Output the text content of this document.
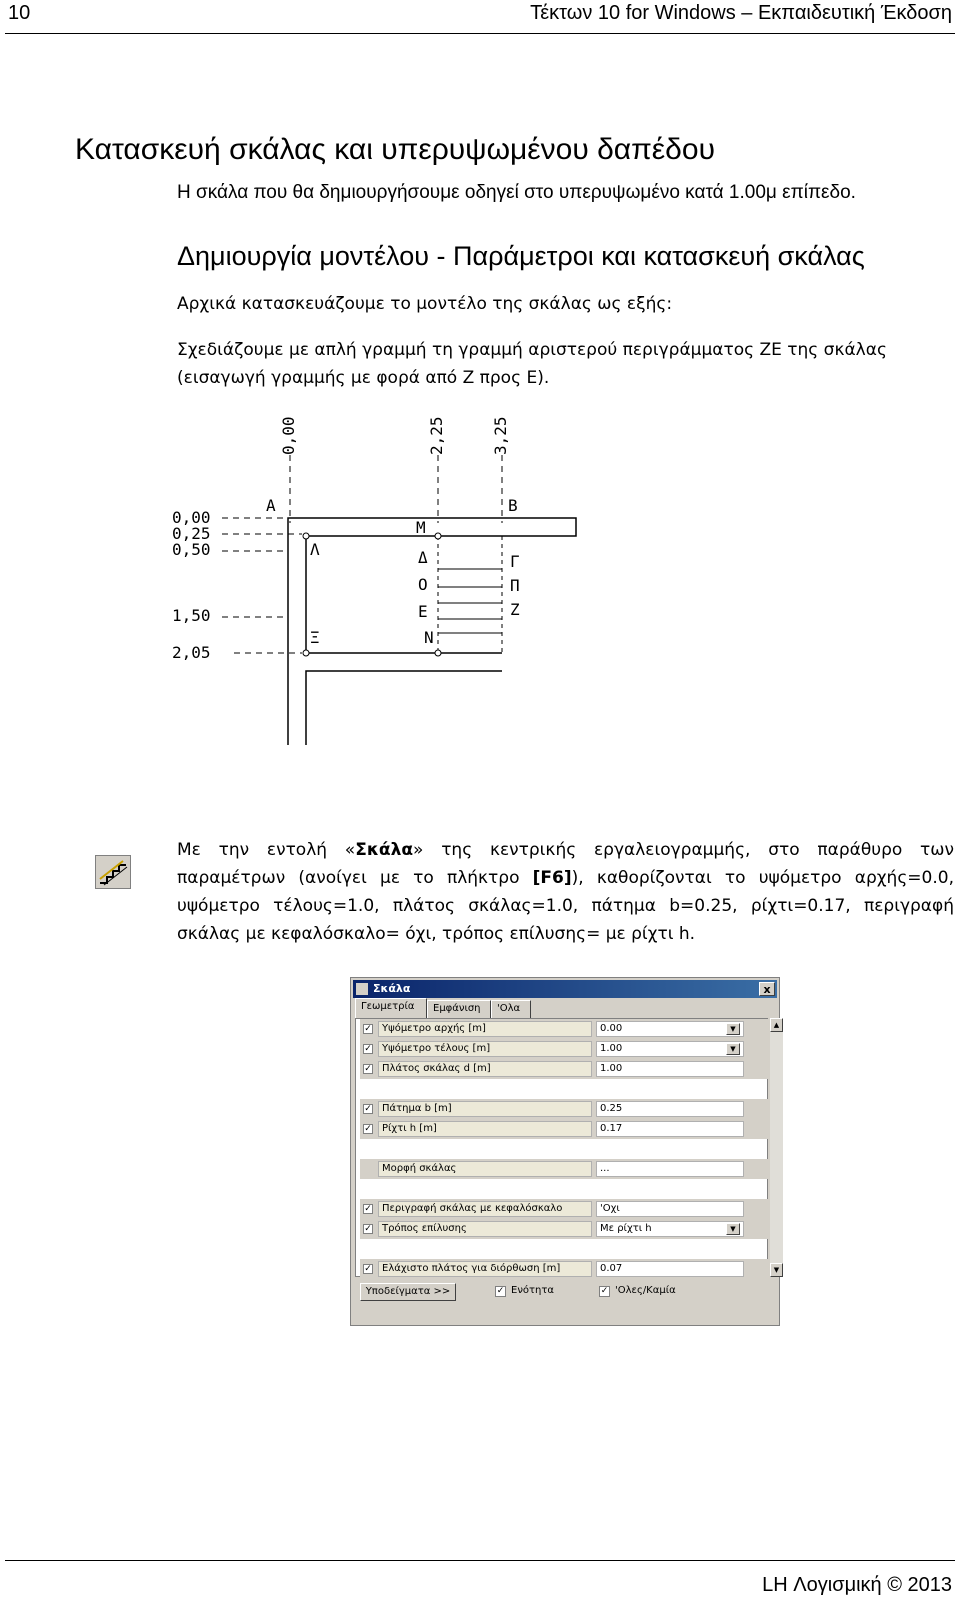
10	Τέκτων 10 for Windows – Εκπαιδευτική Έκδοση
Κατασκευή σκάλας και υπερυψωμένου δαπέδου
Η σκάλα που θα δημιουργήσουμε οδηγεί στο υπερυψωμένο κατά 1.00μ επίπεδο.
Δημιουργία μοντέλου - Παράμετροι και κατασκευή σκάλας
Αρχικά κατασκευάζουμε το μοντέλο της σκάλας ως εξής:
Σχεδιάζουμε με απλή γραμμή τη γραμμή αριστερού περιγράμματος ΖΕ της σκάλας (εισαγωγή γραμμής με φορά από Ζ προς Ε).
0,00	2,25	3,25
0,00
0,25
0,50
1,50
2,05
Α	Β
Λ
Ξ
Μ
Δ
Ο
Ε
Ν
Γ
Π
Ζ
Με την εντολή «Σκάλα» της κεντρικής εργαλειογραμμής, στο παράθυρο των παραμέτρων (ανοίγει με το πλήκτρο [F6]), καθορίζονται το υψόμετρο αρχής=0.0, υψόμετρο τέλους=1.0, πλάτος σκάλας=1.0, πάτημα b=0.25, ρίχτι=0.17, περιγραφή σκάλας με κεφαλόσκαλο= όχι, τρόπος επίλυσης= με ρίχτι h.
Σκάλα	x
Γεωμετρία	Εμφάνιση	'Ολα
✓	Υψόμετρο αρχής [m]	0.00	▼
✓	Υψόμετρο τέλους [m]	1.00	▼
✓	Πλάτος σκάλας d [m]	1.00
✓	Πάτημα b [m]	0.25
✓	Ρίχτι h [m]	0.17
Μορφή σκάλας	...
✓	Περιγραφή σκάλας με κεφαλόσκαλο	'Οχι
✓	Τρόπος επίλυσης	Με ρίχτι h	▼
✓	Ελάχιστο πλάτος για διόρθωση [m]	0.07
▲
▼
Υποδείγματα >>	✓ Ενότητα	✓ 'Ολες/Καμία
LH Λογισμική © 2013
